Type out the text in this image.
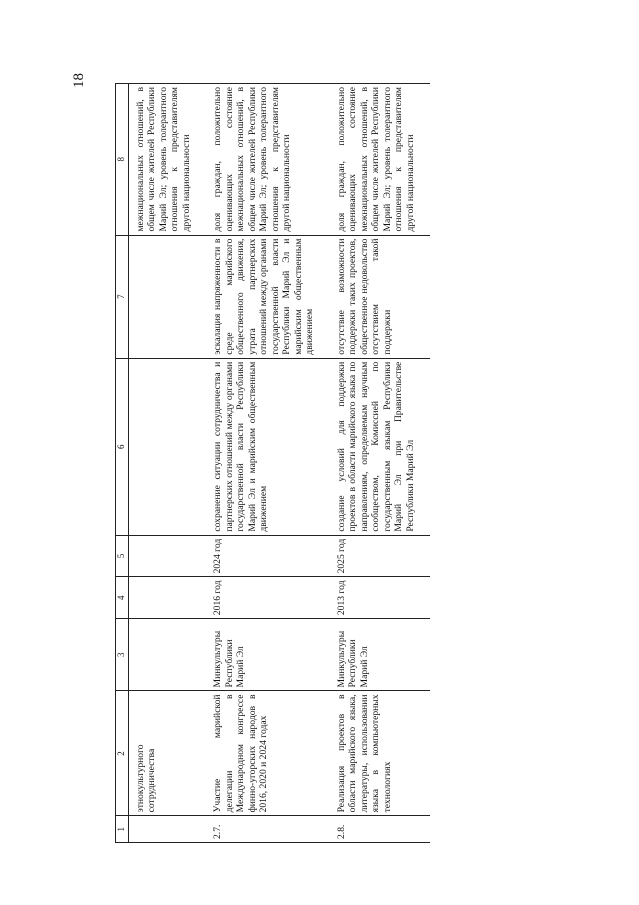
18
1	2	3	4	5	6	7	8
	этнокультурного сотрудничества						межнациональных отношений, в общем числе жителей Республики Марий Эл; уровень толерантного отношения к представителям другой национальности
2.7.	Участие марийской делегации в Международном конгрессе финно-угорских народов в 2016, 2020 и 2024 годах	Минкультуры Республики Марий Эл	2016 год	2024 год	сохранение ситуации сотрудничества и партнерских отношений между органами государственной власти Республики Марий Эл и марийским общественным движением	эскалация напряженности в среде марийского общественного движения, утрата партнерских отношений между органами государственной власти Республики Марий Эл и марийским общественным движением	доля граждан, положительно оценивающих состояние межнациональных отношений, в общем числе жителей Республики Марий Эл; уровень толерантного отношения к представителям другой национальности
2.8.	Реализация проектов в области марийского языка, литературы, использовании языка в компьютерных технологиях	Минкультуры Республики Марий Эл	2013 год	2025 год	создание условий для поддержки проектов в области марийского языка по направлениям, определяемым научным сообществом, Комиссией по государственным языкам Республики Марий Эл при Правительстве Республики Марий Эл	отсутствие возможности поддержки таких проектов, общественное недовольство отсутствием такой поддержки	доля граждан, положительно оценивающих состояние межнациональных отношений, в общем числе жителей Республики Марий Эл; уровень толерантного отношения к представителям другой национальности
